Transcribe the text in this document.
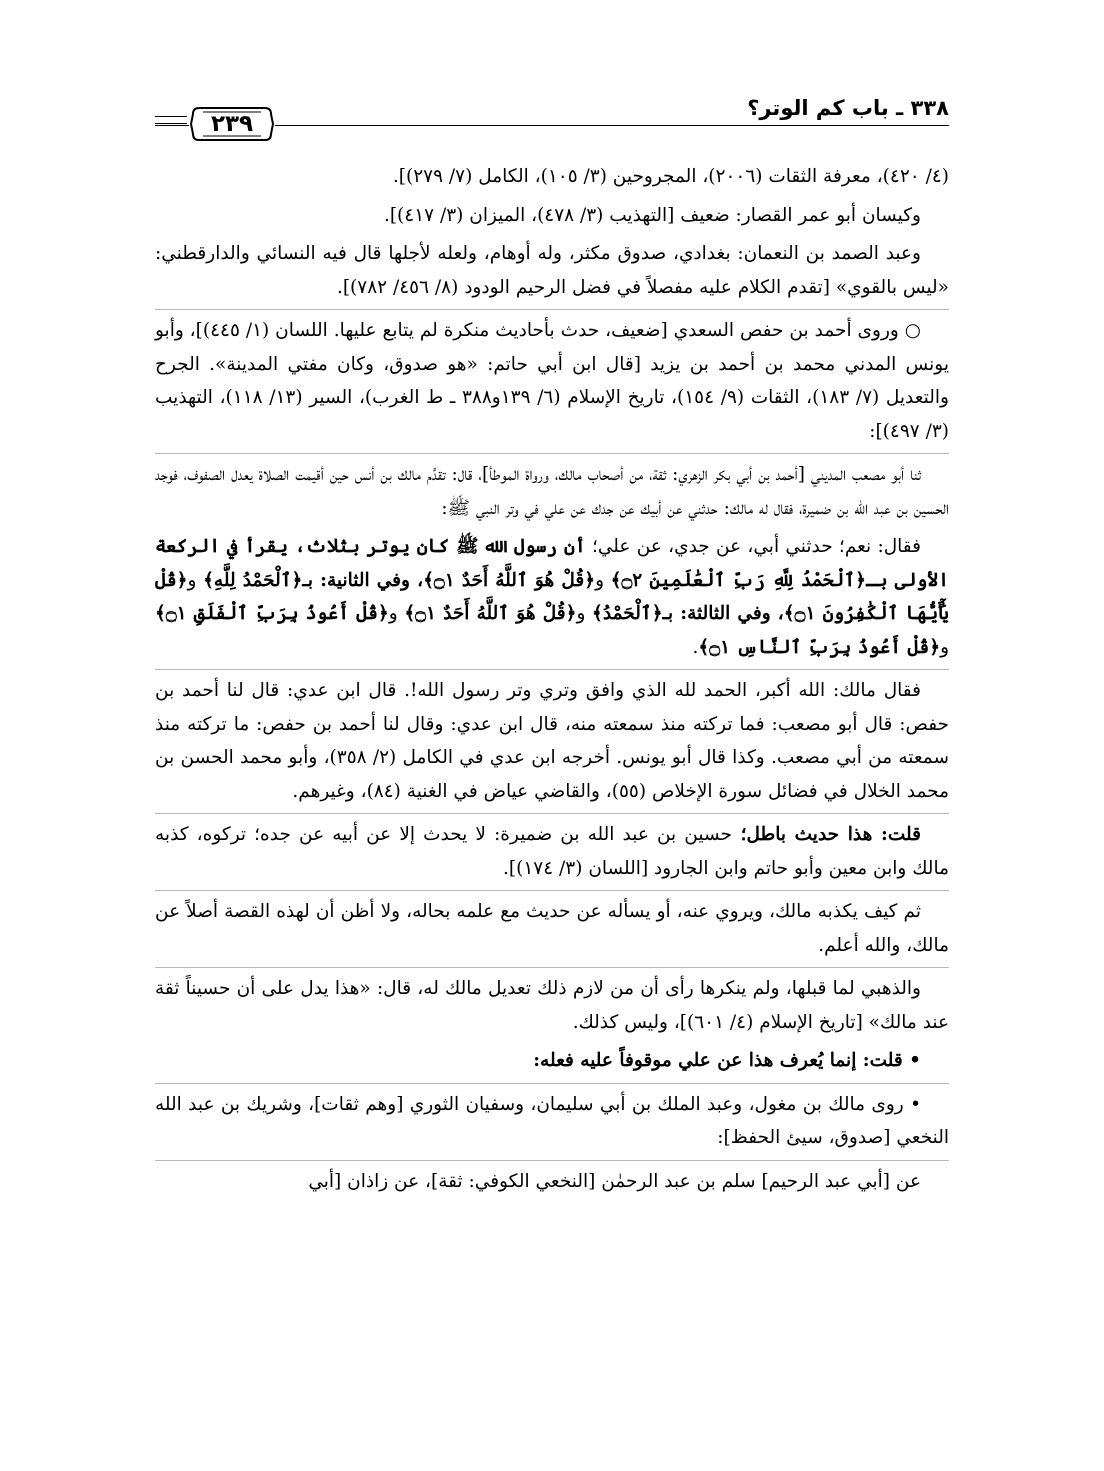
٣٣٨ ـ باب كم الوتر؟
٢٣٩

(٤/ ٤٢٠)، معرفة الثقات (٢٠٠٦)، المجروحين (٣/ ١٠٥)، الكامل (٧/ ٢٧٩)].

وكيسان أبو عمر القصار: ضعيف [التهذيب (٣/ ٤٧٨)، الميزان (٣/ ٤١٧)].

وعبد الصمد بن النعمان: بغدادي، صدوق مكثر، وله أوهام، ولعله لأجلها قال فيه النسائي والدارقطني: «ليس بالقوي» [تقدم الكلام عليه مفصلاً في فضل الرحيم الودود (٨/ ٤٥٦/ ٧٨٢)].

○ وروى أحمد بن حفص السعدي [ضعيف، حدث بأحاديث منكرة لم يتابع عليها. اللسان (١/ ٤٤٥)]، وأبو يونس المدني محمد بن أحمد بن يزيد [قال ابن أبي حاتم: «هو صدوق، وكان مفتي المدينة». الجرح والتعديل (٧/ ١٨٣)، الثقات (٩/ ١٥٤)، تاريخ الإسلام (٦/ ١٣٩و٣٨٨ ـ ط الغرب)، السير (١٣/ ١١٨)، التهذيب (٣/ ٤٩٧)]:

ثنا أبو مصعب المديني [أحمد بن أبي بكر الزهري: ثقة، من أصحاب مالك، ورواة الموطأ]، قال: تقدَّم مالك بن أنس حين أقيمت الصلاة يعدل الصفوف، فوجد الحسين بن عبد الله بن ضميرة، فقال له مالك: حدثني عن أبيك عن جدك عن علي في وتر النبي ﷺ:

فقال: نعم؛ حدثني أبي، عن جدي، عن علي؛ أن رسول الله ﷺ كان يوتر بثلاث، يقرأ في الركعة الأولى بـ﴿ٱلْحَمْدُ لِلَّهِ رَبِّ ٱلْعَٰلَمِينَ ۝٢﴾ و﴿قُلْ هُوَ ٱللَّهُ أَحَدٌ ۝١﴾، وفي الثانية: بـ﴿ٱلْحَمْدُ لِلَّهِ﴾ و﴿قُلْ يَٰٓأَيُّهَا ٱلْكَٰفِرُونَ ۝١﴾، وفي الثالثة: بـ﴿ٱلْحَمْدُ﴾ و﴿قُلْ هُوَ ٱللَّهُ أَحَدٌ ۝١﴾ و﴿قُلْ أَعُوذُ بِرَبِّ ٱلْفَلَقِ ۝١﴾ و﴿قُلْ أَعُوذُ بِرَبِّ ٱلنَّاسِ ۝١﴾.

فقال مالك: الله أكبر، الحمد لله الذي وافق وتري وتر رسول الله!. قال ابن عدي: قال لنا أحمد بن حفص: قال أبو مصعب: فما تركته منذ سمعته منه، قال ابن عدي: وقال لنا أحمد بن حفص: ما تركته منذ سمعته من أبي مصعب. وكذا قال أبو يونس. أخرجه ابن عدي في الكامل (٢/ ٣٥٨)، وأبو محمد الحسن بن محمد الخلال في فضائل سورة الإخلاص (٥٥)، والقاضي عياض في الغنية (٨٤)، وغيرهم.

قلت: هذا حديث باطل؛ حسين بن عبد الله بن ضميرة: لا يحدث إلا عن أبيه عن جده؛ تركوه، كذبه مالك وابن معين وأبو حاتم وابن الجارود [اللسان (٣/ ١٧٤)].

ثم كيف يكذبه مالك، ويروي عنه، أو يسأله عن حديث مع علمه بحاله، ولا أظن أن لهذه القصة أصلاً عن مالك، والله أعلم.

والذهبي لما قبلها، ولم ينكرها رأى أن من لازم ذلك تعديل مالك له، قال: «هذا يدل على أن حسيناً ثقة عند مالك» [تاريخ الإسلام (٤/ ٦٠١)]، وليس كذلك.

• قلت: إنما يُعرف هذا عن علي موقوفاً عليه فعله:

• روى مالك بن مغول، وعبد الملك بن أبي سليمان، وسفيان الثوري [وهم ثقات]، وشريك بن عبد الله النخعي [صدوق، سيئ الحفظ]:

عن [أبي عبد الرحيم] سلم بن عبد الرحمٰن [النخعي الكوفي: ثقة]، عن زاذان [أبي
